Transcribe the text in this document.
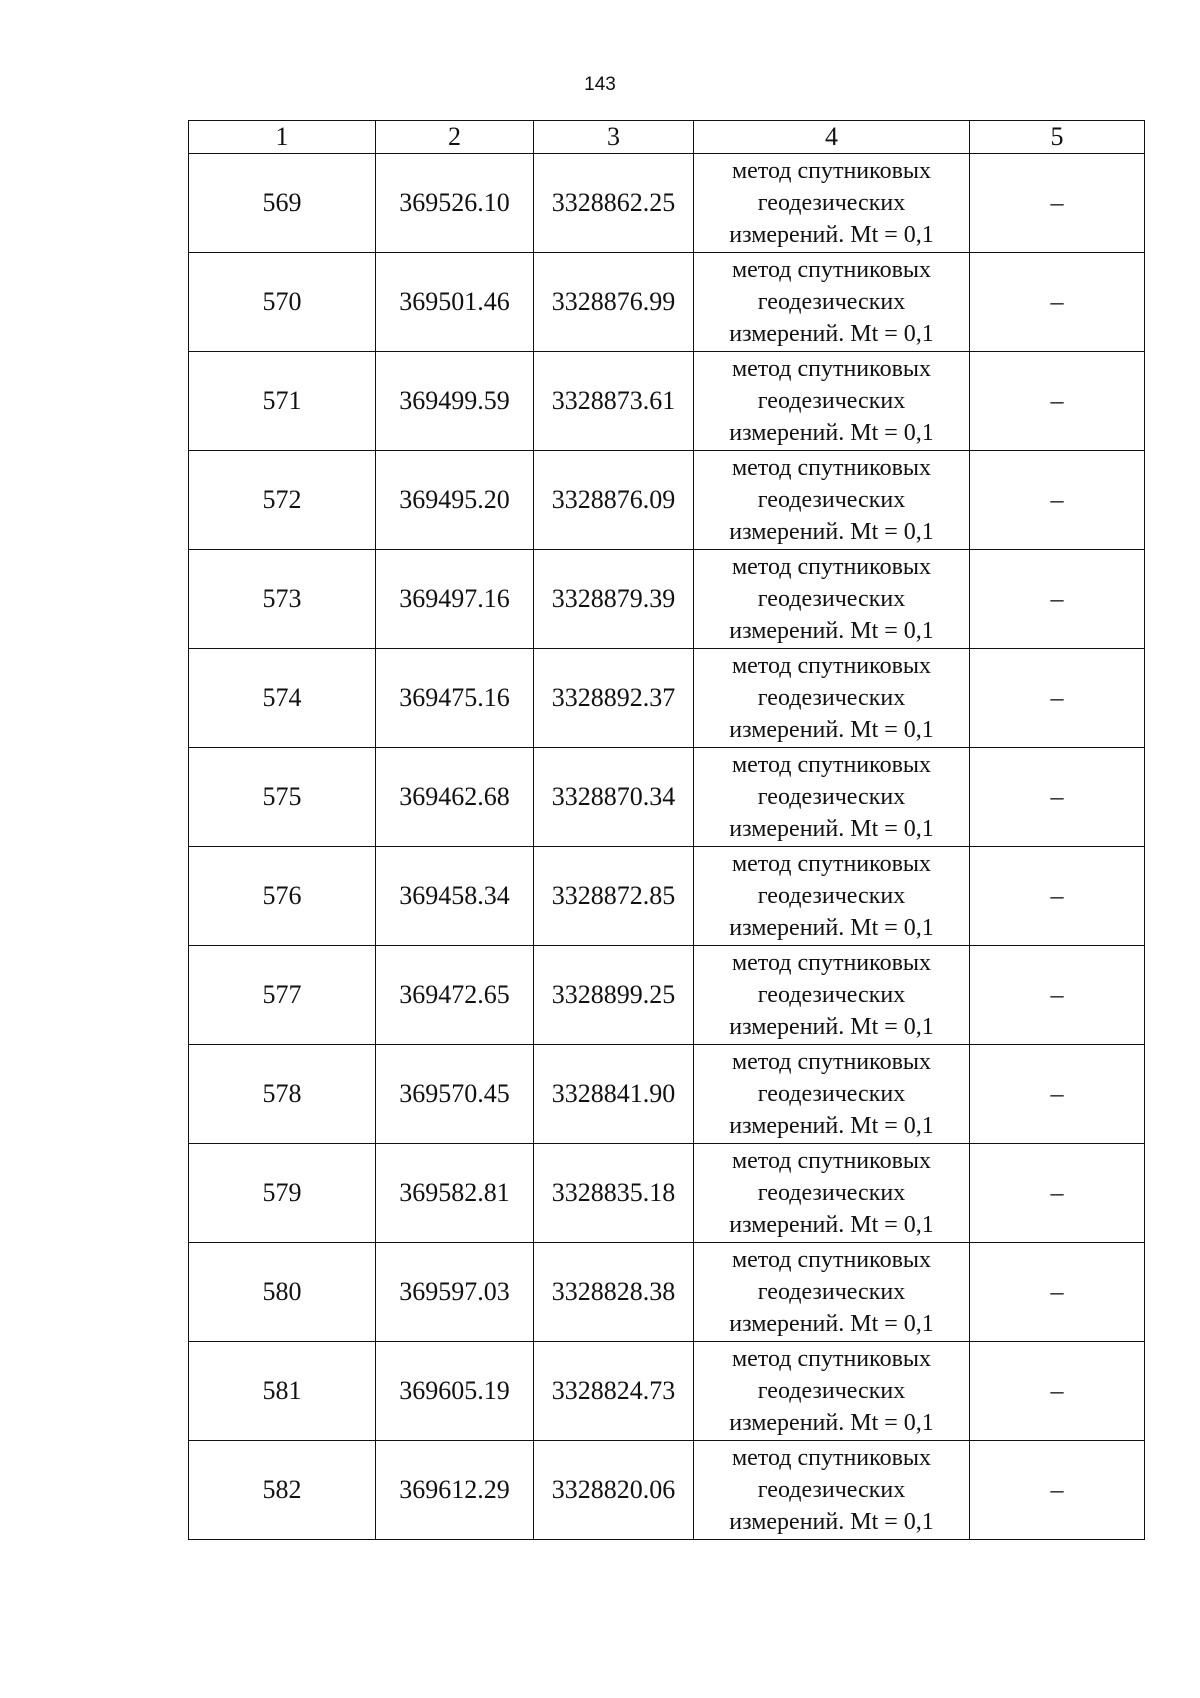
143
1	2	3	4	5
569	369526.10	3328862.25	метод спутниковых
геодезических
измерений. Mt = 0,1	–
570	369501.46	3328876.99	метод спутниковых
геодезических
измерений. Mt = 0,1	–
571	369499.59	3328873.61	метод спутниковых
геодезических
измерений. Mt = 0,1	–
572	369495.20	3328876.09	метод спутниковых
геодезических
измерений. Mt = 0,1	–
573	369497.16	3328879.39	метод спутниковых
геодезических
измерений. Mt = 0,1	–
574	369475.16	3328892.37	метод спутниковых
геодезических
измерений. Mt = 0,1	–
575	369462.68	3328870.34	метод спутниковых
геодезических
измерений. Mt = 0,1	–
576	369458.34	3328872.85	метод спутниковых
геодезических
измерений. Mt = 0,1	–
577	369472.65	3328899.25	метод спутниковых
геодезических
измерений. Mt = 0,1	–
578	369570.45	3328841.90	метод спутниковых
геодезических
измерений. Mt = 0,1	–
579	369582.81	3328835.18	метод спутниковых
геодезических
измерений. Mt = 0,1	–
580	369597.03	3328828.38	метод спутниковых
геодезических
измерений. Mt = 0,1	–
581	369605.19	3328824.73	метод спутниковых
геодезических
измерений. Mt = 0,1	–
582	369612.29	3328820.06	метод спутниковых
геодезических
измерений. Mt = 0,1	–
